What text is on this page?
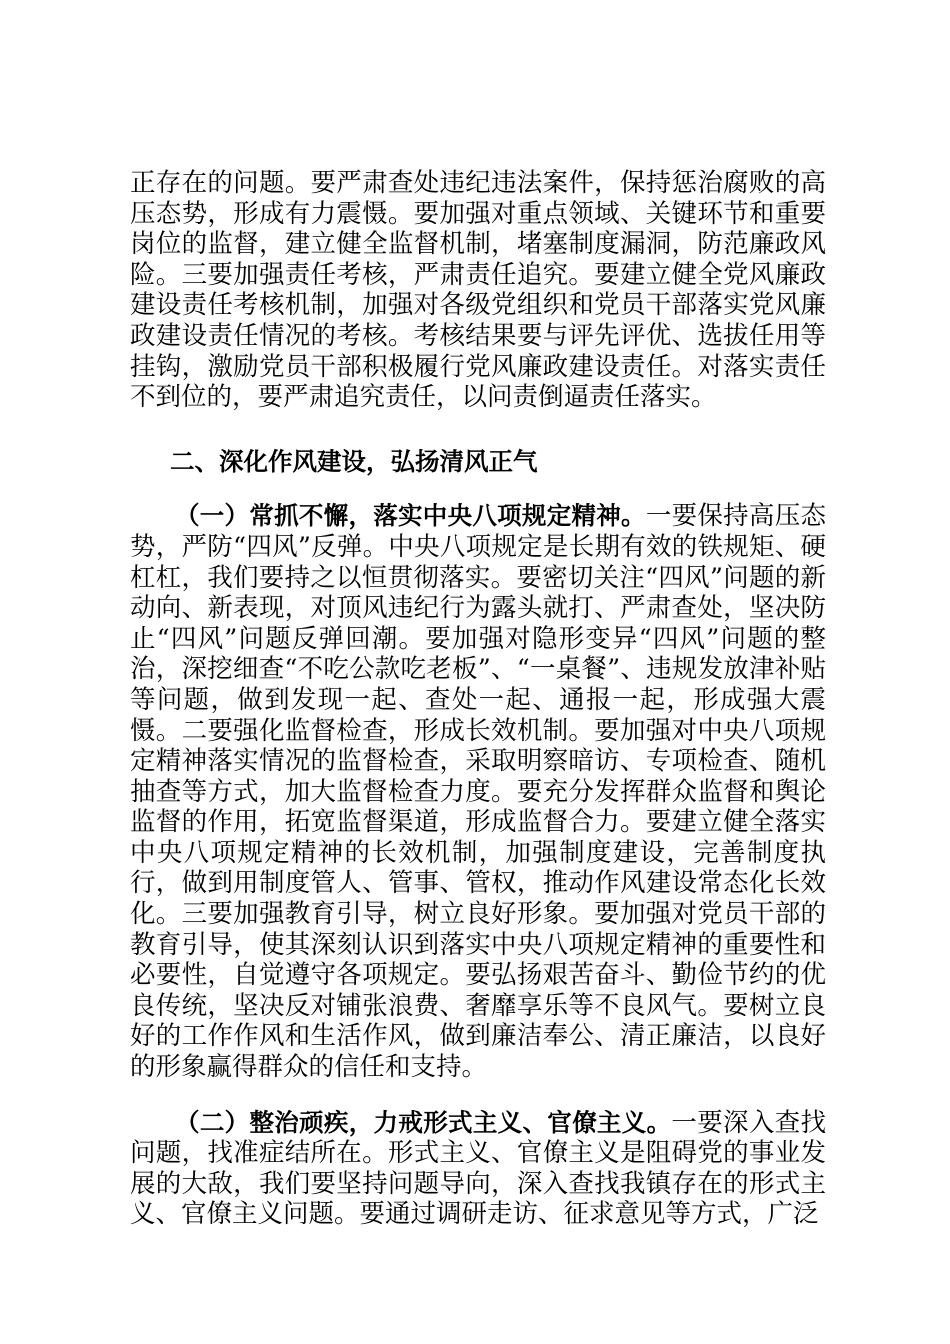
正存在的问题。要严肃查处违纪违法案件，保持惩治腐败的高压态势，形成有力震慑。要加强对重点领域、关键环节和重要岗位的监督，建立健全监督机制，堵塞制度漏洞，防范廉政风险。三要加强责任考核，严肃责任追究。要建立健全党风廉政建设责任考核机制，加强对各级党组织和党员干部落实党风廉政建设责任情况的考核。考核结果要与评先评优、选拔任用等挂钩，激励党员干部积极履行党风廉政建设责任。对落实责任不到位的，要严肃追究责任，以问责倒逼责任落实。

二、深化作风建设，弘扬清风正气

（一）常抓不懈，落实中央八项规定精神。一要保持高压态势，严防“四风”反弹。中央八项规定是长期有效的铁规矩、硬杠杠，我们要持之以恒贯彻落实。要密切关注“四风”问题的新动向、新表现，对顶风违纪行为露头就打、严肃查处，坚决防止“四风”问题反弹回潮。要加强对隐形变异“四风”问题的整治，深挖细查“不吃公款吃老板”、“一桌餐”、违规发放津补贴等问题，做到发现一起、查处一起、通报一起，形成强大震慑。二要强化监督检查，形成长效机制。要加强对中央八项规定精神落实情况的监督检查，采取明察暗访、专项检查、随机抽查等方式，加大监督检查力度。要充分发挥群众监督和舆论监督的作用，拓宽监督渠道，形成监督合力。要建立健全落实中央八项规定精神的长效机制，加强制度建设，完善制度执行，做到用制度管人、管事、管权，推动作风建设常态化长效化。三要加强教育引导，树立良好形象。要加强对党员干部的教育引导，使其深刻认识到落实中央八项规定精神的重要性和必要性，自觉遵守各项规定。要弘扬艰苦奋斗、勤俭节约的优良传统，坚决反对铺张浪费、奢靡享乐等不良风气。要树立良好的工作作风和生活作风，做到廉洁奉公、清正廉洁，以良好的形象赢得群众的信任和支持。

（二）整治顽疾，力戒形式主义、官僚主义。一要深入查找问题，找准症结所在。形式主义、官僚主义是阻碍党的事业发展的大敌，我们要坚持问题导向，深入查找我镇存在的形式主义、官僚主义问题。要通过调研走访、征求意见等方式，广泛
